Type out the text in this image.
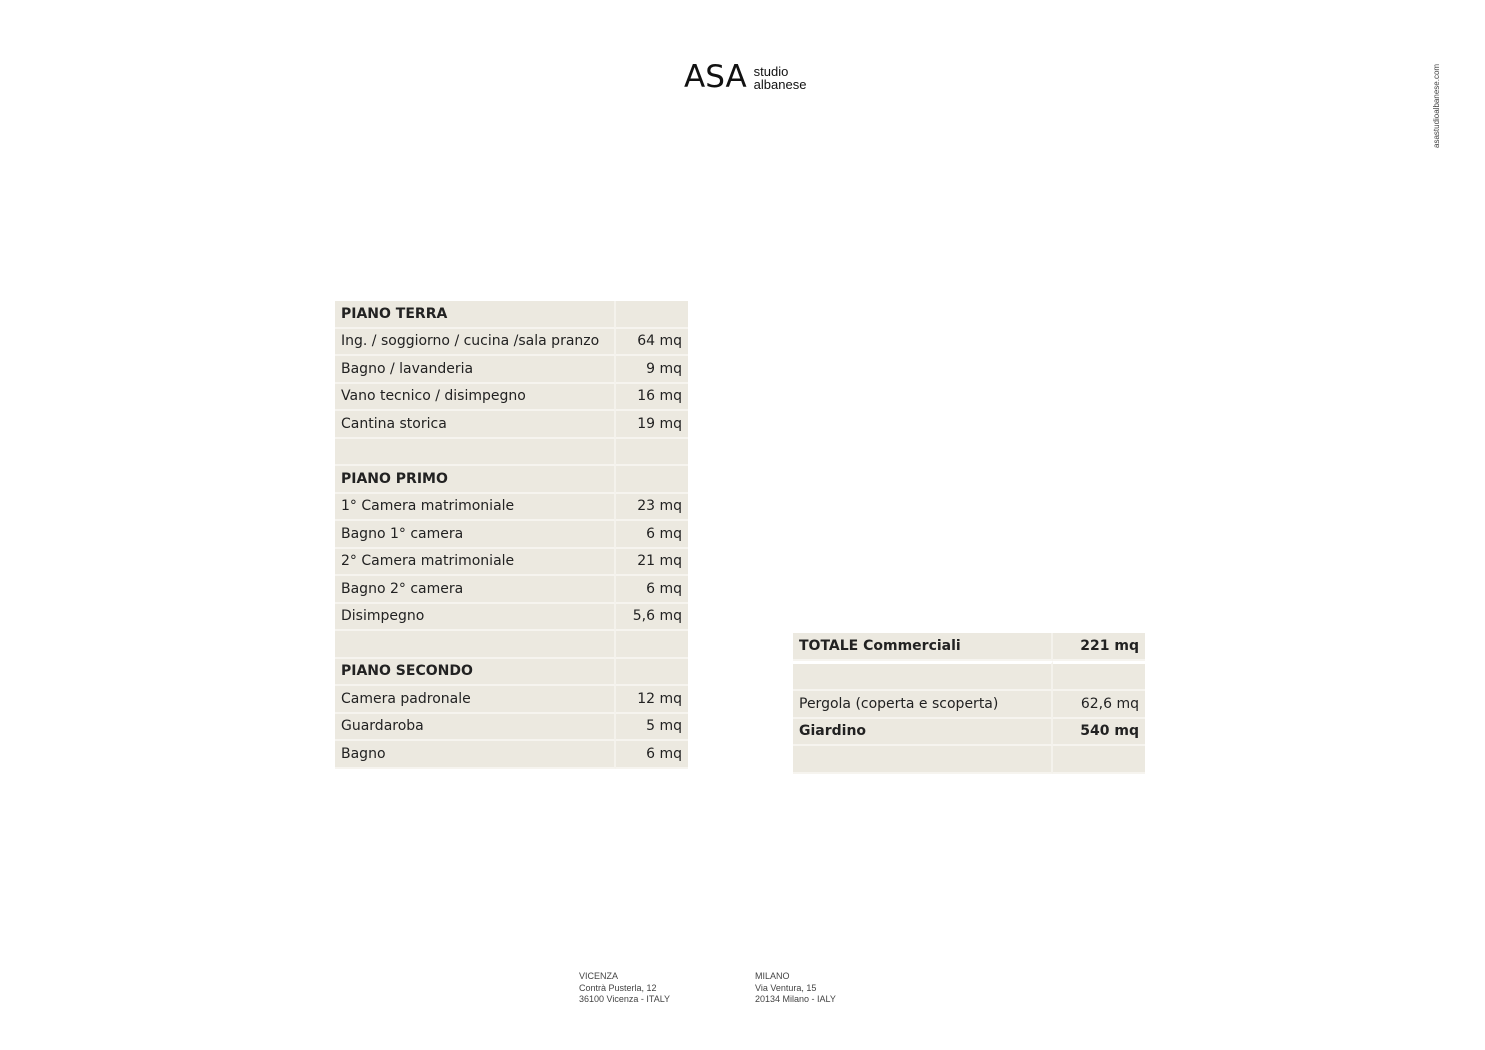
ASA studio
albanese	asastudioalbanese.com
PIANO TERRA	
Ing. / soggiorno / cucina /sala pranzo	64 mq
Bagno / lavanderia	9 mq
Vano tecnico / disimpegno	16 mq
Cantina storica	19 mq

PIANO PRIMO	
1° Camera matrimoniale	23 mq
Bagno 1° camera	6 mq
2° Camera matrimoniale	21 mq
Bagno 2° camera	6 mq
Disimpegno	5,6 mq

PIANO SECONDO	
Camera padronale	12 mq
Guardaroba	5 mq
Bagno	6 mq
TOTALE Commerciali	221 mq

Pergola (coperta e scoperta)	62,6 mq
Giardino	540 mq

VICENZA
Contrà Pusterla, 12
36100 Vicenza - ITALY
MILANO
Via Ventura, 15
20134 Milano - IALY
